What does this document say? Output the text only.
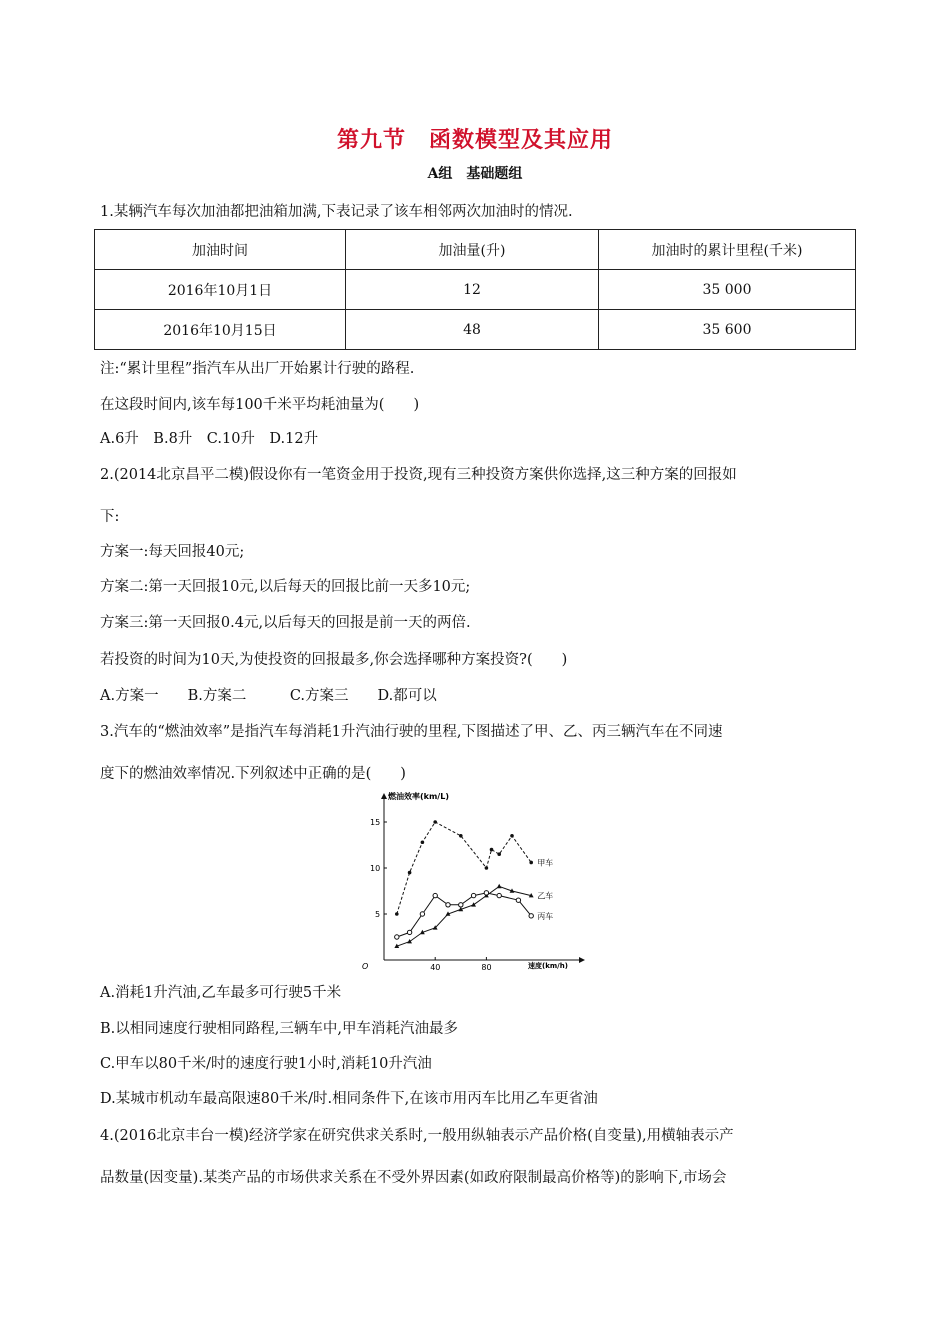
第九节　函数模型及其应用
A组　基础题组
1.某辆汽车每次加油都把油箱加满,下表记录了该车相邻两次加油时的情况.
加油时间	加油量(升)	加油时的累计里程(千米)
2016年10月1日	12	35 000
2016年10月15日	48	35 600
注:“累计里程”指汽车从出厂开始累计行驶的路程.
在这段时间内,该车每100千米平均耗油量为(　　)
A.6升　B.8升　C.10升　D.12升
2.(2014北京昌平二模)假设你有一笔资金用于投资,现有三种投资方案供你选择,这三种方案的回报如
下:
方案一:每天回报40元;
方案二:第一天回报10元,以后每天的回报比前一天多10元;
方案三:第一天回报0.4元,以后每天的回报是前一天的两倍.
若投资的时间为10天,为使投资的回报最多,你会选择哪种方案投资?(　　)
A.方案一　　B.方案二　　　C.方案三　　D.都可以
3.汽车的“燃油效率”是指汽车每消耗1升汽油行驶的里程,下图描述了甲、乙、丙三辆汽车在不同速
度下的燃油效率情况.下列叙述中正确的是(　　)
燃油效率(km/L)
速度(km/h)
O	40	80
5
10
15
甲车
乙车
丙车
A.消耗1升汽油,乙车最多可行驶5千米
B.以相同速度行驶相同路程,三辆车中,甲车消耗汽油最多
C.甲车以80千米/时的速度行驶1小时,消耗10升汽油
D.某城市机动车最高限速80千米/时.相同条件下,在该市用丙车比用乙车更省油
4.(2016北京丰台一模)经济学家在研究供求关系时,一般用纵轴表示产品价格(自变量),用横轴表示产
品数量(因变量).某类产品的市场供求关系在不受外界因素(如政府限制最高价格等)的影响下,市场会
